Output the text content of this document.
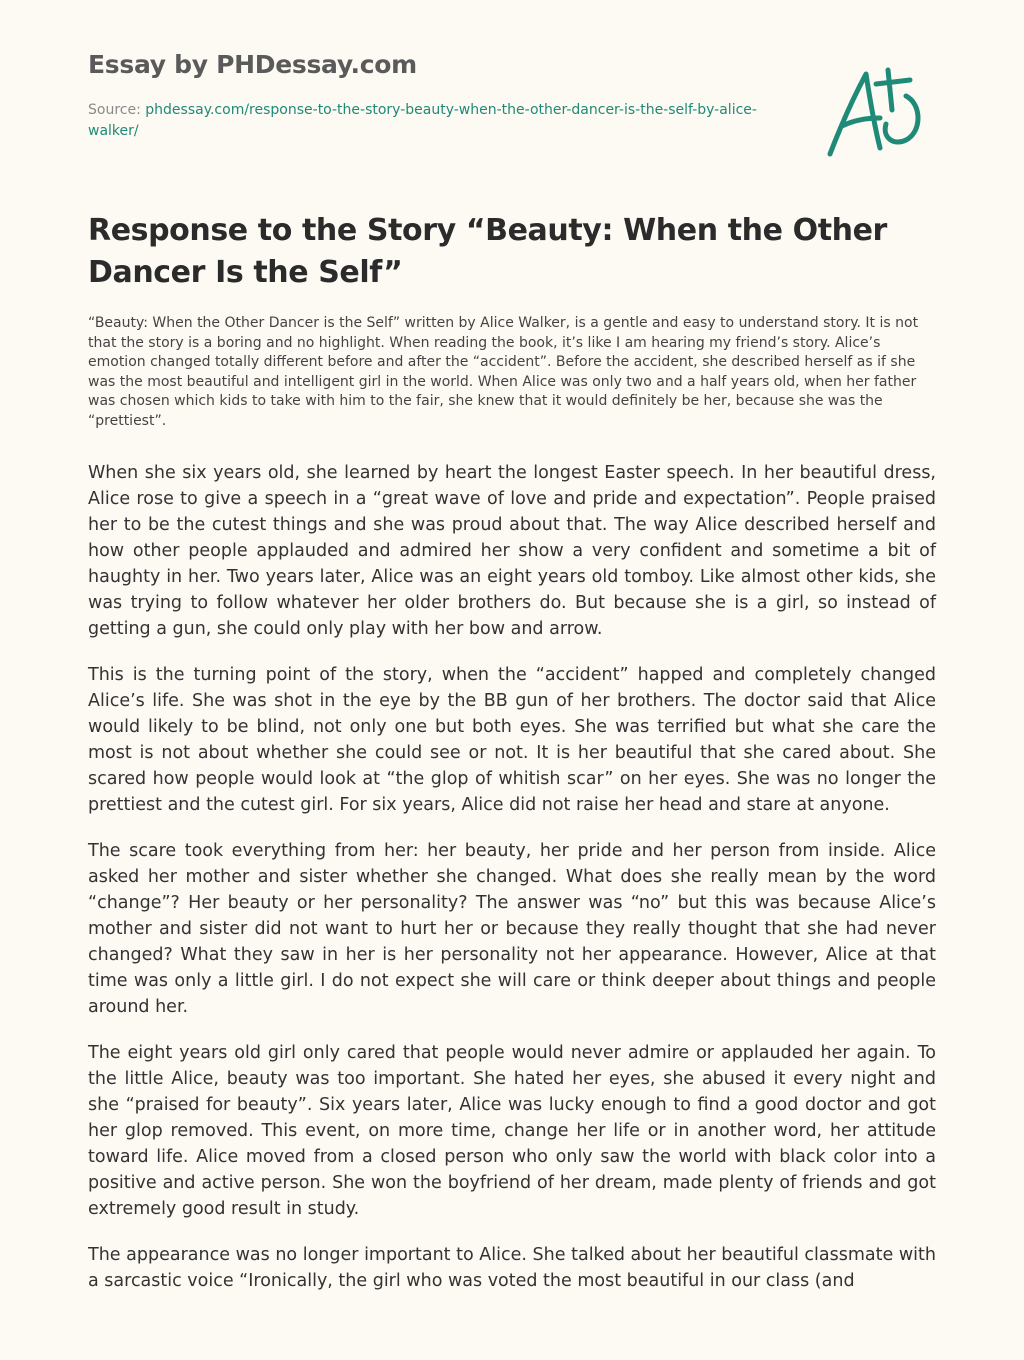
Essay by PHDessay.com
Source: phdessay.com/response-to-the-story-beauty-when-the-other-dancer-is-the-self-by-alice-walker/
Response to the Story “Beauty: When the Other Dancer Is the Self”

“Beauty: When the Other Dancer is the Self” written by Alice Walker, is a gentle and easy to understand story. It is not that the story is a boring and no highlight. When reading the book, it’s like I am hearing my friend’s story. Alice’s emotion changed totally different before and after the “accident”. Before the accident, she described herself as if she was the most beautiful and intelligent girl in the world. When Alice was only two and a half years old, when her father was chosen which kids to take with him to the fair, she knew that it would definitely be her, because she was the “prettiest”.

When she six years old, she learned by heart the longest Easter speech. In her beautiful dress, Alice rose to give a speech in a “great wave of love and pride and expectation”. People praised her to be the cutest things and she was proud about that. The way Alice described herself and how other people applauded and admired her show a very confident and sometime a bit of haughty in her. Two years later, Alice was an eight years old tomboy. Like almost other kids, she was trying to follow whatever her older brothers do. But because she is a girl, so instead of getting a gun, she could only play with her bow and arrow.

This is the turning point of the story, when the “accident” happed and completely changed Alice’s life. She was shot in the eye by the BB gun of her brothers. The doctor said that Alice would likely to be blind, not only one but both eyes. She was terrified but what she care the most is not about whether she could see or not. It is her beautiful that she cared about. She scared how people would look at “the glop of whitish scar” on her eyes. She was no longer the prettiest and the cutest girl. For six years, Alice did not raise her head and stare at anyone.

The scare took everything from her: her beauty, her pride and her person from inside. Alice asked her mother and sister whether she changed. What does she really mean by the word “change”? Her beauty or her personality? The answer was “no” but this was because Alice’s mother and sister did not want to hurt her or because they really thought that she had never changed? What they saw in her is her personality not her appearance. However, Alice at that time was only a little girl. I do not expect she will care or think deeper about things and people around her.

The eight years old girl only cared that people would never admire or applauded her again. To the little Alice, beauty was too important. She hated her eyes, she abused it every night and she “praised for beauty”. Six years later, Alice was lucky enough to find a good doctor and got her glop removed. This event, on more time, change her life or in another word, her attitude toward life. Alice moved from a closed person who only saw the world with black color into a positive and active person. She won the boyfriend of her dream, made plenty of friends and got extremely good result in study.

The appearance was no longer important to Alice. She talked about her beautiful classmate with a sarcastic voice “Ironically, the girl who was voted the most beautiful in our class (and
